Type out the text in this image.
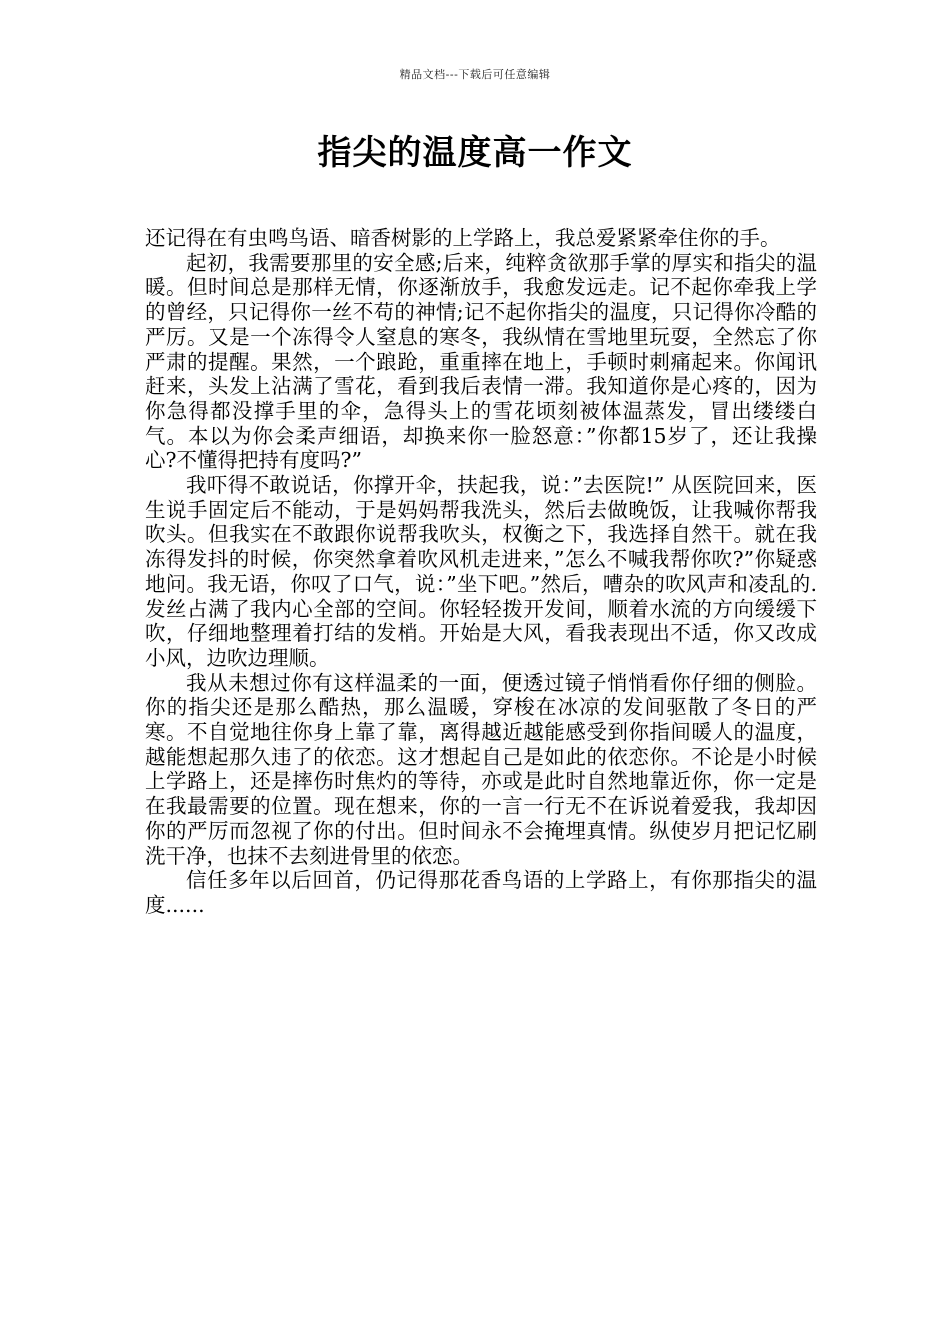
精品文档---下载后可任意编辑
指尖的温度高一作文

还记得在有虫鸣鸟语、暗香树影的上学路上，我总爱紧紧牵住你的手。

起初，我需要那里的安全感;后来，纯粹贪欲那手掌的厚实和指尖的温暖。但时间总是那样无情，你逐渐放手，我愈发远走。记不起你牵我上学的曾经，只记得你一丝不苟的神情;记不起你指尖的温度，只记得你冷酷的严厉。又是一个冻得令人窒息的寒冬，我纵情在雪地里玩耍，全然忘了你严肃的提醒。果然，一个踉跄，重重摔在地上，手顿时刺痛起来。你闻讯赶来，头发上沾满了雪花，看到我后表情一滞。我知道你是心疼的，因为你急得都没撑手里的伞，急得头上的雪花顷刻被体温蒸发，冒出缕缕白气。本以为你会柔声细语，却换来你一脸怒意：”你都15岁了，还让我操心?不懂得把持有度吗?”

我吓得不敢说话，你撑开伞，扶起我，说：”去医院!” 从医院回来，医生说手固定后不能动，于是妈妈帮我洗头，然后去做晚饭，让我喊你帮我吹头。但我实在不敢跟你说帮我吹头，权衡之下，我选择自然干。就在我冻得发抖的时候，你突然拿着吹风机走进来，”怎么不喊我帮你吹?”你疑惑地问。我无语，你叹了口气，说：”坐下吧。”然后，嘈杂的吹风声和凌乱的.发丝占满了我内心全部的空间。你轻轻拨开发间，顺着水流的方向缓缓下吹，仔细地整理着打结的发梢。开始是大风，看我表现出不适，你又改成小风，边吹边理顺。

我从未想过你有这样温柔的一面，便透过镜子悄悄看你仔细的侧脸。你的指尖还是那么酷热，那么温暖，穿梭在冰凉的发间驱散了冬日的严寒。不自觉地往你身上靠了靠，离得越近越能感受到你指间暖人的温度，越能想起那久违了的依恋。这才想起自己是如此的依恋你。不论是小时候上学路上，还是摔伤时焦灼的等待，亦或是此时自然地靠近你，你一定是在我最需要的位置。现在想来，你的一言一行无不在诉说着爱我，我却因你的严厉而忽视了你的付出。但时间永不会掩埋真情。纵使岁月把记忆刷洗干净，也抹不去刻进骨里的依恋。

信任多年以后回首，仍记得那花香鸟语的上学路上，有你那指尖的温度......
